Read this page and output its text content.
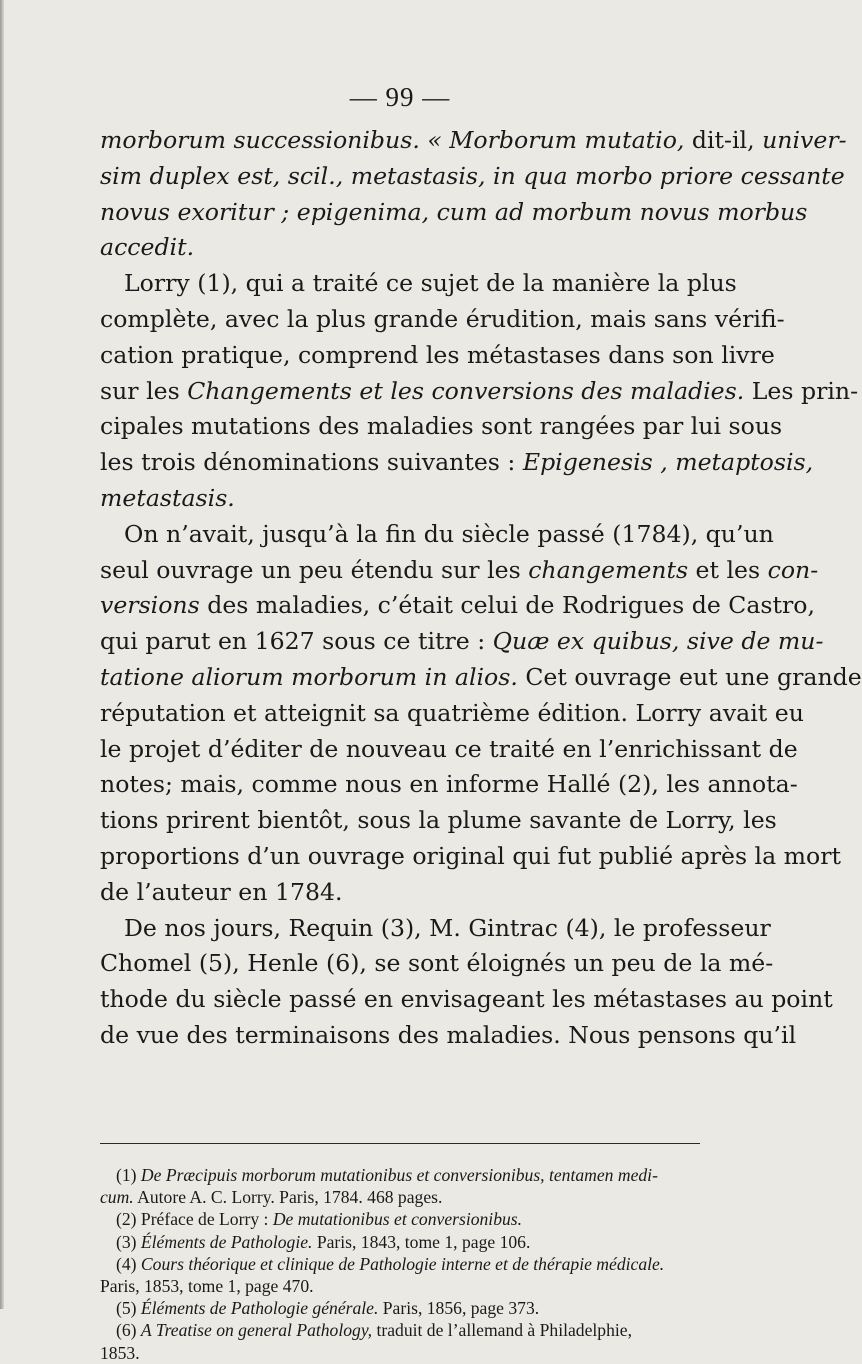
— 99 —
morborum successionibus. « Morborum mutatio, dit-il, univer-
sim duplex est, scil., metastasis, in qua morbo priore cessante
novus exoritur ; epigenima, cum ad morbum novus morbus
accedit.
Lorry (1), qui a traité ce sujet de la manière la plus
complète, avec la plus grande érudition, mais sans vérifi-
cation pratique, comprend les métastases dans son livre
sur les Changements et les conversions des maladies. Les prin-
cipales mutations des maladies sont rangées par lui sous
les trois dénominations suivantes : Epigenesis , metaptosis,
metastasis.
On n’avait, jusqu’à la fin du siècle passé (1784), qu’un
seul ouvrage un peu étendu sur les changements et les con-
versions des maladies, c’était celui de Rodrigues de Castro,
qui parut en 1627 sous ce titre : Quæ ex quibus, sive de mu-
tatione aliorum morborum in alios. Cet ouvrage eut une grande
réputation et atteignit sa quatrième édition. Lorry avait eu
le projet d’éditer de nouveau ce traité en l’enrichissant de
notes; mais, comme nous en informe Hallé (2), les annota-
tions prirent bientôt, sous la plume savante de Lorry, les
proportions d’un ouvrage original qui fut publié après la mort
de l’auteur en 1784.
De nos jours, Requin (3), M. Gintrac (4), le professeur
Chomel (5), Henle (6), se sont éloignés un peu de la mé-
thode du siècle passé en envisageant les métastases au point
de vue des terminaisons des maladies. Nous pensons qu’il
(1) De Præcipuis morborum mutationibus et conversionibus, tentamen medi-
cum. Autore A. C. Lorry. Paris, 1784. 468 pages.
(2) Préface de Lorry : De mutationibus et conversionibus.
(3) Éléments de Pathologie. Paris, 1843, tome 1, page 106.
(4) Cours théorique et clinique de Pathologie interne et de thérapie médicale.
Paris, 1853, tome 1, page 470.
(5) Éléments de Pathologie générale. Paris, 1856, page 373.
(6) A Treatise on general Pathology, traduit de l’allemand à Philadelphie,
1853.
